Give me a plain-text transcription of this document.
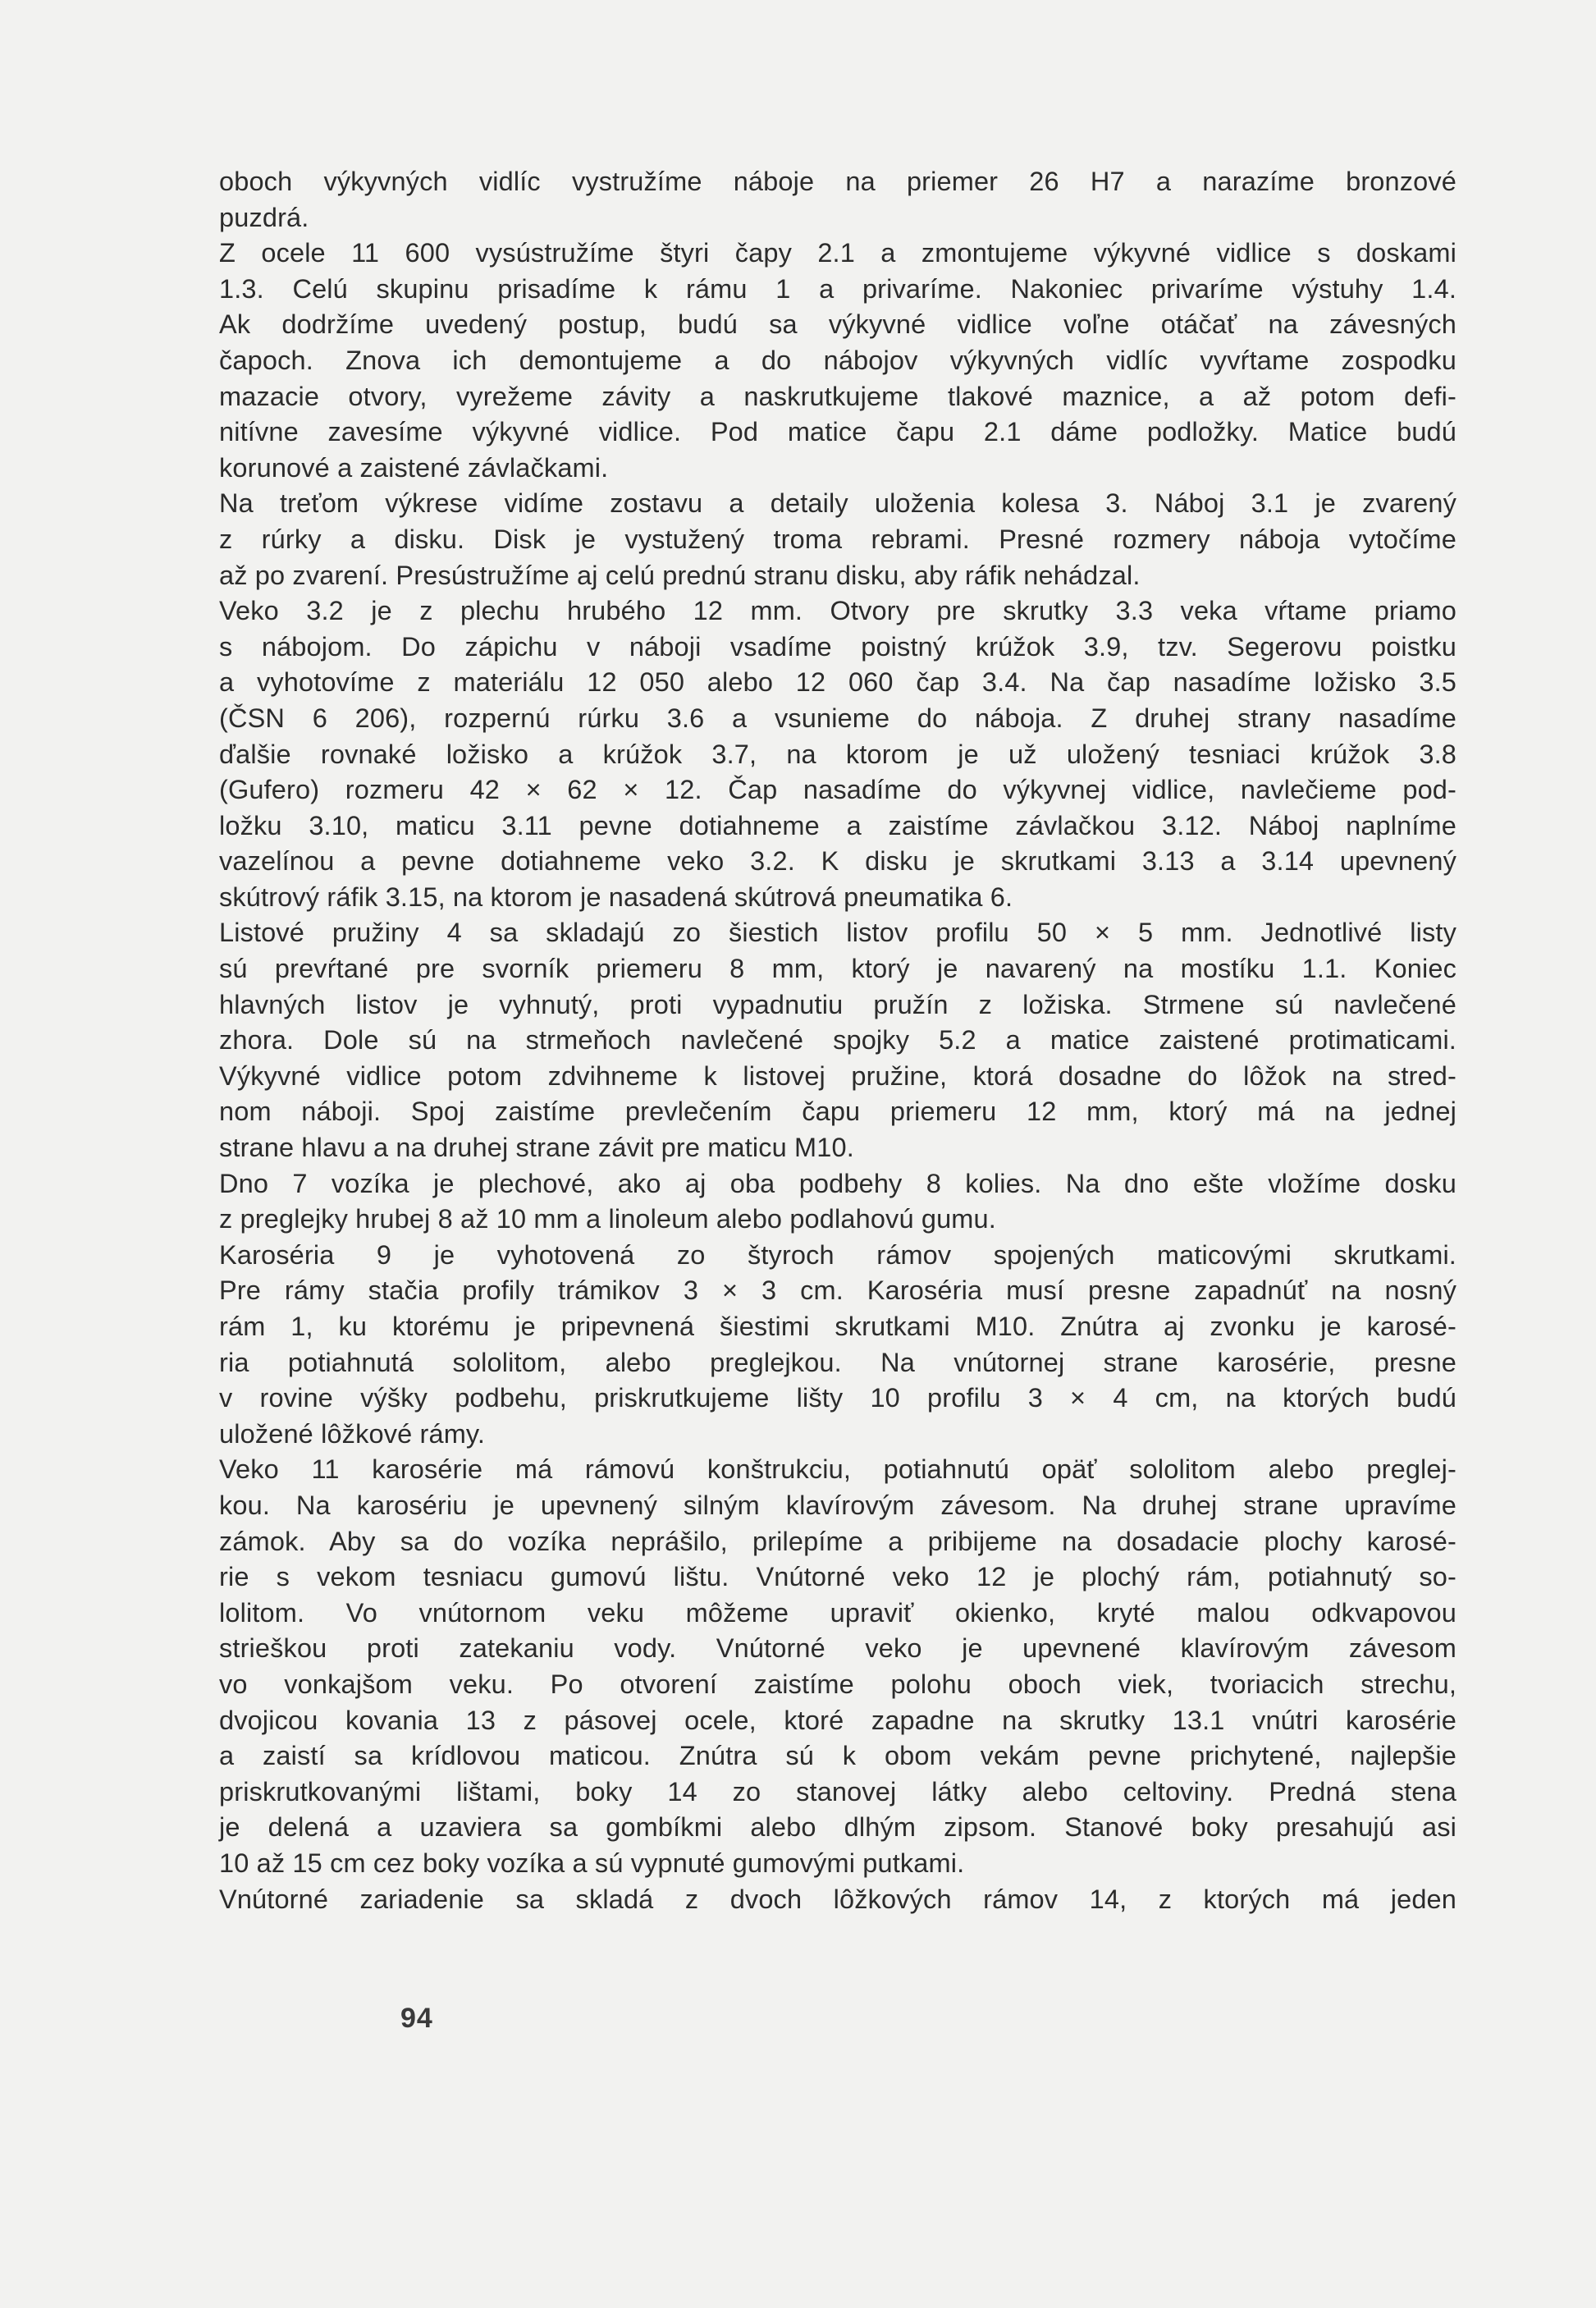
oboch výkyvných vidlíc vystružíme náboje na priemer 26 H7 a narazíme bronzové
puzdrá.
Z ocele 11 600 vysústružíme štyri čapy 2.1 a zmontujeme výkyvné vidlice s doskami
1.3. Celú skupinu prisadíme k rámu 1 a privaríme. Nakoniec privaríme výstuhy 1.4.
Ak dodržíme uvedený postup, budú sa výkyvné vidlice voľne otáčať na závesných
čapoch. Znova ich demontujeme a do nábojov výkyvných vidlíc vyvŕtame zospodku
mazacie otvory, vyrežeme závity a naskrutkujeme tlakové maznice, a až potom defi-
nitívne zavesíme výkyvné vidlice. Pod matice čapu 2.1 dáme podložky. Matice budú
korunové a zaistené závlačkami.
Na treťom výkrese vidíme zostavu a detaily uloženia kolesa 3. Náboj 3.1 je zvarený
z rúrky a disku. Disk je vystužený troma rebrami. Presné rozmery náboja vytočíme
až po zvarení. Presústružíme aj celú prednú stranu disku, aby ráfik nehádzal.
Veko 3.2 je z plechu hrubého 12 mm. Otvory pre skrutky 3.3 veka vŕtame priamo
s nábojom. Do zápichu v náboji vsadíme poistný krúžok 3.9, tzv. Segerovu poistku
a vyhotovíme z materiálu 12 050 alebo 12 060 čap 3.4. Na čap nasadíme ložisko 3.5
(ČSN 6 206), rozpernú rúrku 3.6 a vsunieme do náboja. Z druhej strany nasadíme
ďalšie rovnaké ložisko a krúžok 3.7, na ktorom je už uložený tesniaci krúžok 3.8
(Gufero) rozmeru 42 × 62 × 12. Čap nasadíme do výkyvnej vidlice, navlečieme pod-
ložku 3.10, maticu 3.11 pevne dotiahneme a zaistíme závlačkou 3.12. Náboj naplníme
vazelínou a pevne dotiahneme veko 3.2. K disku je skrutkami 3.13 a 3.14 upevnený
skútrový ráfik 3.15, na ktorom je nasadená skútrová pneumatika 6.
Listové pružiny 4 sa skladajú zo šiestich listov profilu 50 × 5 mm. Jednotlivé listy
sú prevŕtané pre svorník priemeru 8 mm, ktorý je navarený na mostíku 1.1. Koniec
hlavných listov je vyhnutý, proti vypadnutiu pružín z ložiska. Strmene sú navlečené
zhora. Dole sú na strmeňoch navlečené spojky 5.2 a matice zaistené protimaticami.
Výkyvné vidlice potom zdvihneme k listovej pružine, ktorá dosadne do lôžok na stred-
nom náboji. Spoj zaistíme prevlečením čapu priemeru 12 mm, ktorý má na jednej
strane hlavu a na druhej strane závit pre maticu M10.
Dno 7 vozíka je plechové, ako aj oba podbehy 8 kolies. Na dno ešte vložíme dosku
z preglejky hrubej 8 až 10 mm a linoleum alebo podlahovú gumu.
Karoséria 9 je vyhotovená zo štyroch rámov spojených maticovými skrutkami.
Pre rámy stačia profily trámikov 3 × 3 cm. Karoséria musí presne zapadnúť na nosný
rám 1, ku ktorému je pripevnená šiestimi skrutkami M10. Znútra aj zvonku je karosé-
ria potiahnutá sololitom, alebo preglejkou. Na vnútornej strane karosérie, presne
v rovine výšky podbehu, priskrutkujeme lišty 10 profilu 3 × 4 cm, na ktorých budú
uložené lôžkové rámy.
Veko 11 karosérie má rámovú konštrukciu, potiahnutú opäť sololitom alebo preglej-
kou. Na karosériu je upevnený silným klavírovým závesom. Na druhej strane upravíme
zámok. Aby sa do vozíka neprášilo, prilepíme a pribijeme na dosadacie plochy karosé-
rie s vekom tesniacu gumovú lištu. Vnútorné veko 12 je plochý rám, potiahnutý so-
lolitom. Vo vnútornom veku môžeme upraviť okienko, kryté malou odkvapovou
strieškou proti zatekaniu vody. Vnútorné veko je upevnené klavírovým závesom
vo vonkajšom veku. Po otvorení zaistíme polohu oboch viek, tvoriacich strechu,
dvojicou kovania 13 z pásovej ocele, ktoré zapadne na skrutky 13.1 vnútri karosérie
a zaistí sa krídlovou maticou. Znútra sú k obom vekám pevne prichytené, najlepšie
priskrutkovanými lištami, boky 14 zo stanovej látky alebo celtoviny. Predná stena
je delená a uzaviera sa gombíkmi alebo dlhým zipsom. Stanové boky presahujú asi
10 až 15 cm cez boky vozíka a sú vypnuté gumovými putkami.
Vnútorné zariadenie sa skladá z dvoch lôžkových rámov 14, z ktorých má jeden
94
